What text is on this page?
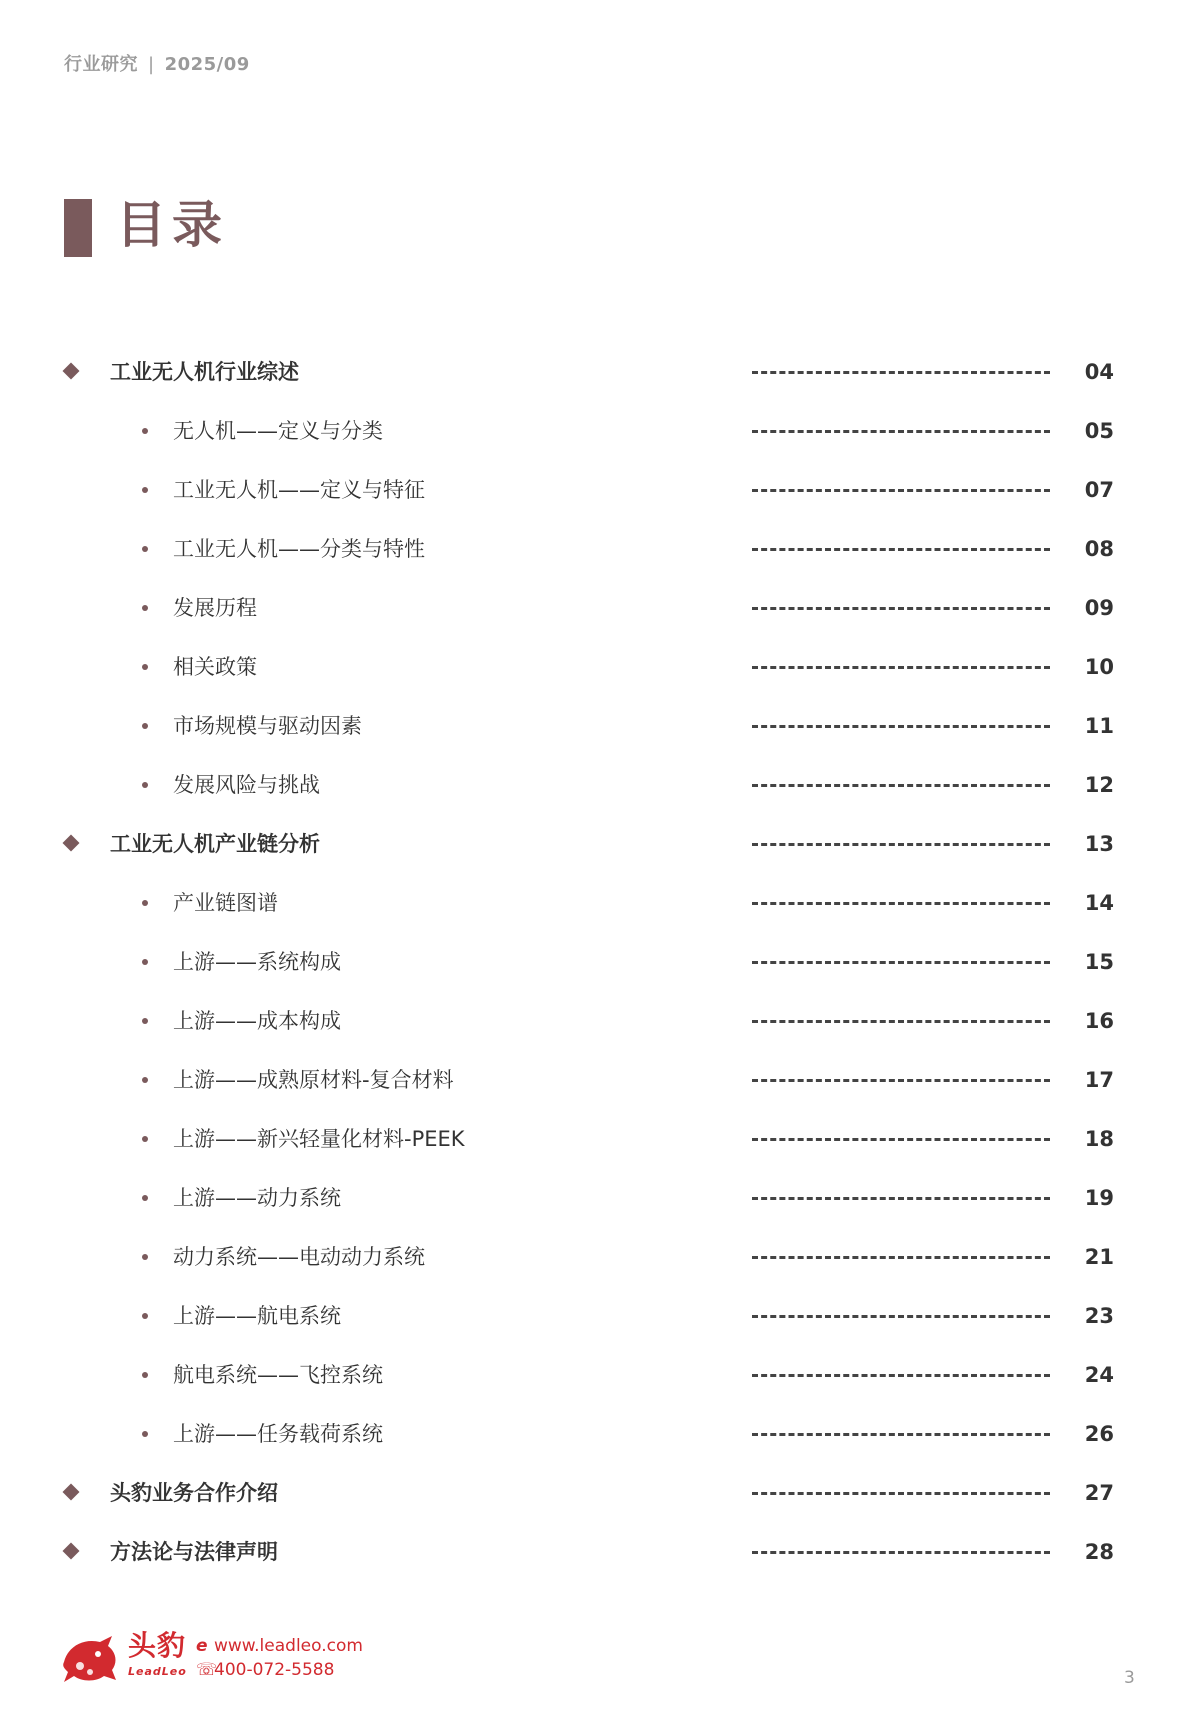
行业研究 | 2025/09
目录
工业无人机行业综述	04
无人机——定义与分类	05
工业无人机——定义与特征	07
工业无人机——分类与特性	08
发展历程	09
相关政策	10
市场规模与驱动因素	11
发展风险与挑战	12
工业无人机产业链分析	13
产业链图谱	14
上游——系统构成	15
上游——成本构成	16
上游——成熟原材料-复合材料	17
上游——新兴轻量化材料-PEEK	18
上游——动力系统	19
动力系统——电动动力系统	21
上游——航电系统	23
航电系统——飞控系统	24
上游——任务载荷系统	26
头豹业务合作介绍	27
方法论与法律声明	28
头豹
LeadLeo
e www.leadleo.com
☏400-072-5588	3
